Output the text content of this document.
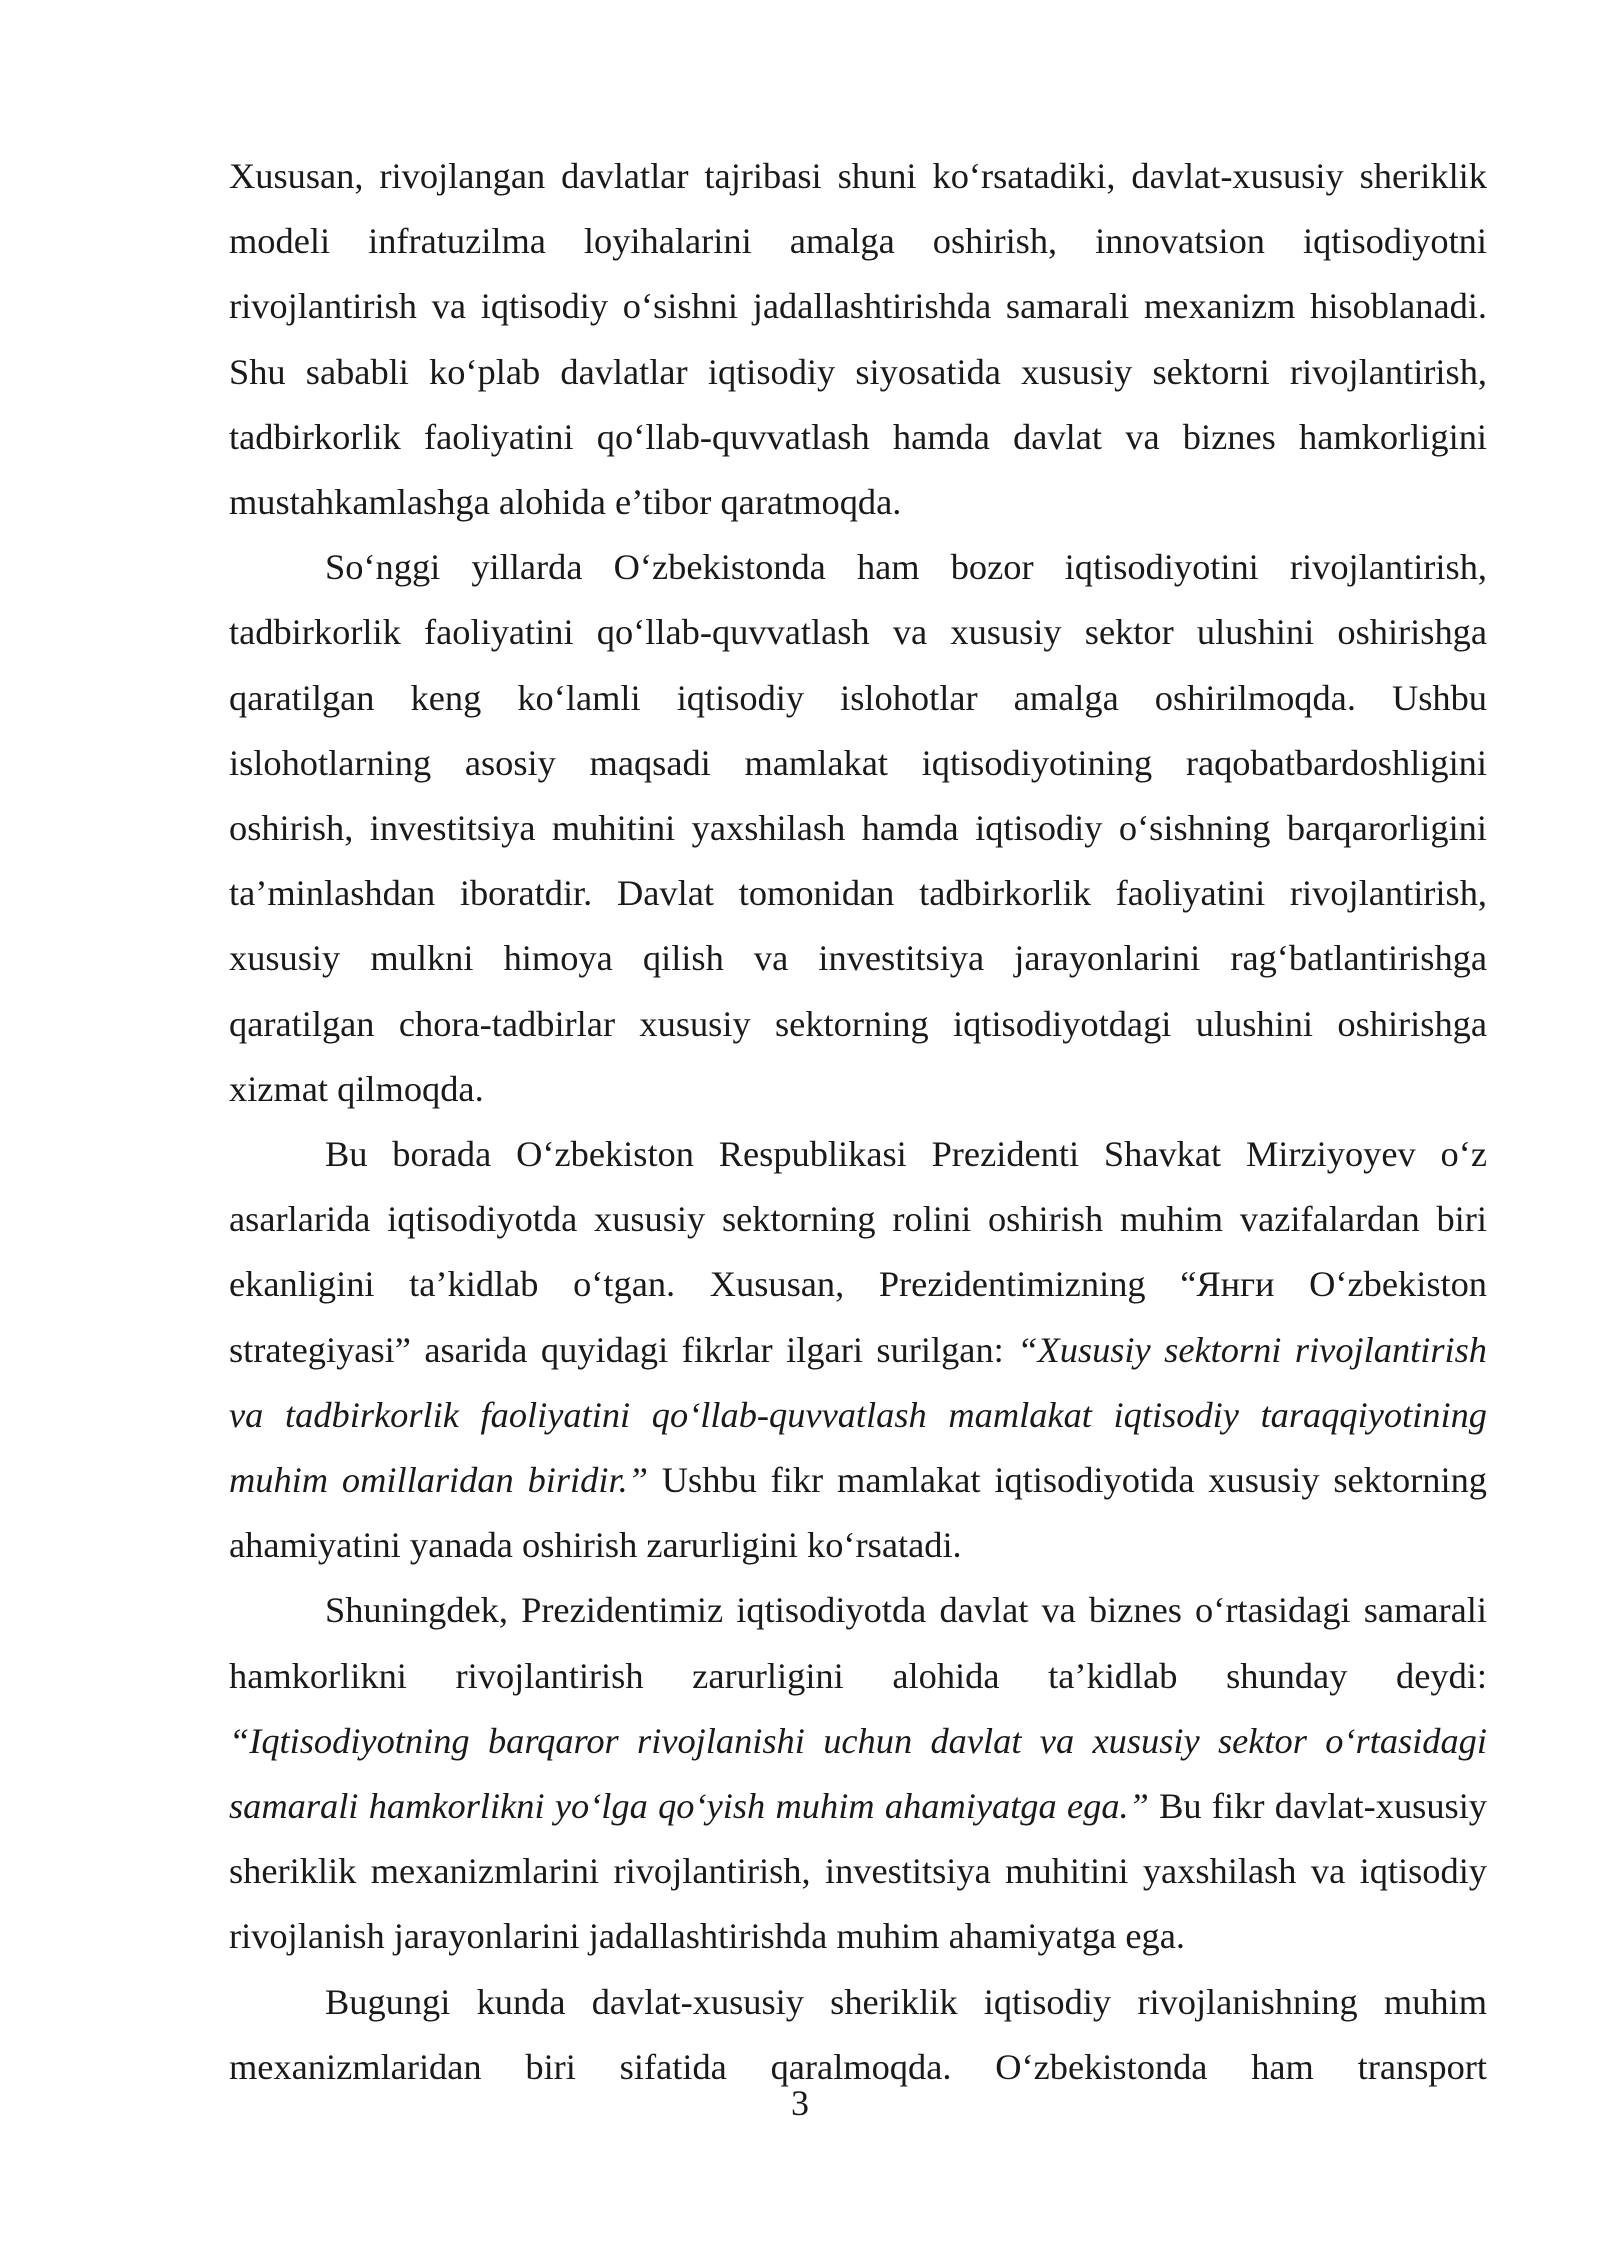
Xususan, rivojlangan davlatlar tajribasi shuni ko‘rsatadiki, davlat-xususiy sheriklik modeli infratuzilma loyihalarini amalga oshirish, innovatsion iqtisodiyotni rivojlantirish va iqtisodiy o‘sishni jadallashtirishda samarali mexanizm hisoblanadi. Shu sababli ko‘plab davlatlar iqtisodiy siyosatida xususiy sektorni rivojlantirish, tadbirkorlik faoliyatini qo‘llab-quvvatlash hamda davlat va biznes hamkorligini mustahkamlashga alohida e’tibor qaratmoqda.

So‘nggi yillarda O‘zbekistonda ham bozor iqtisodiyotini rivojlantirish, tadbirkorlik faoliyatini qo‘llab-quvvatlash va xususiy sektor ulushini oshirishga qaratilgan keng ko‘lamli iqtisodiy islohotlar amalga oshirilmoqda. Ushbu islohotlarning asosiy maqsadi mamlakat iqtisodiyotining raqobatbardoshligini oshirish, investitsiya muhitini yaxshilash hamda iqtisodiy o‘sishning barqarorligini ta’minlashdan iboratdir. Davlat tomonidan tadbirkorlik faoliyatini rivojlantirish, xususiy mulkni himoya qilish va investitsiya jarayonlarini rag‘batlantirishga qaratilgan chora-tadbirlar xususiy sektorning iqtisodiyotdagi ulushini oshirishga xizmat qilmoqda.

Bu borada O‘zbekiston Respublikasi Prezidenti Shavkat Mirziyoyev o‘z asarlarida iqtisodiyotda xususiy sektorning rolini oshirish muhim vazifalardan biri ekanligini ta’kidlab o‘tgan. Xususan, Prezidentimizning “Янги O‘zbekiston strategiyasi” asarida quyidagi fikrlar ilgari surilgan: “Xususiy sektorni rivojlantirish va tadbirkorlik faoliyatini qo‘llab-quvvatlash mamlakat iqtisodiy taraqqiyotining muhim omillaridan biridir.” Ushbu fikr mamlakat iqtisodiyotida xususiy sektorning ahamiyatini yanada oshirish zarurligini ko‘rsatadi.

Shuningdek, Prezidentimiz iqtisodiyotda davlat va biznes o‘rtasidagi samarali hamkorlikni rivojlantirish zarurligini alohida ta’kidlab shunday deydi: “Iqtisodiyotning barqaror rivojlanishi uchun davlat va xususiy sektor o‘rtasidagi samarali hamkorlikni yo‘lga qo‘yish muhim ahamiyatga ega.” Bu fikr davlat-xususiy sheriklik mexanizmlarini rivojlantirish, investitsiya muhitini yaxshilash va iqtisodiy rivojlanish jarayonlarini jadallashtirishda muhim ahamiyatga ega.

Bugungi kunda davlat-xususiy sheriklik iqtisodiy rivojlanishning muhim mexanizmlaridan biri sifatida qaralmoqda. O‘zbekistonda ham transport

3
